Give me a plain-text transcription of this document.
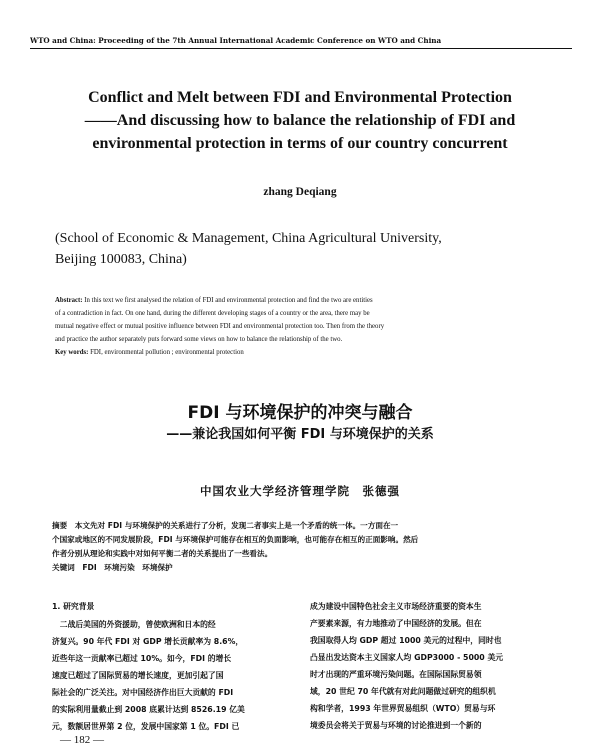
WTO and China: Proceeding of the 7th Annual International Academic Conference on WTO and China
Conflict and Melt between FDI and Environmental Protection
——And discussing how to balance the relationship of FDI and
environmental protection in terms of our country concurrent
zhang Deqiang
(School of Economic & Management, China Agricultural University,
Beijing 100083, China)
Abstract: In this text we first analysed the relation of FDI and environmental protection and find the two are entities
of a contradiction in fact. On one hand, during the different developing stages of a country or the area, there may be
mutual negative effect or mutual positive influence between FDI and environmental protection too. Then from the theory
and practice the author separately puts forward some views on how to balance the relationship of the two.
Key words: FDI, environmental pollution ; environmental protection
FDI 与环境保护的冲突与融合
——兼论我国如何平衡 FDI 与环境保护的关系
中国农业大学经济管理学院　张德强
摘要　本文先对 FDI 与环境保护的关系进行了分析，发现二者事实上是一个矛盾的统一体。一方面在一
个国家或地区的不同发展阶段，FDI 与环境保护可能存在相互的负面影响，也可能存在相互的正面影响。然后
作者分别从理论和实践中对如何平衡二者的关系提出了一些看法。
关键词　FDI　环境污染　环境保护
1. 研究背景
　二战后美国的外资援助，曾使欧洲和日本的经
济复兴。90 年代 FDI 对 GDP 增长贡献率为 8.6%，
近些年这一贡献率已超过 10%。如今，FDI 的增长
速度已超过了国际贸易的增长速度，更加引起了国
际社会的广泛关注。对中国经济作出巨大贡献的 FDI
的实际利用量截止到 2008 底累计达到 8526.19 亿美
元，数额居世界第 2 位，发展中国家第 1 位。FDI 已
成为建设中国特色社会主义市场经济重要的资本生
产要素来源，有力地推动了中国经济的发展。但在
我国取得人均 GDP 超过 1000 美元的过程中，同时也
凸显出发达资本主义国家人均 GDP3000 - 5000 美元
时才出现的严重环境污染问题。在国际国际贸易领
域，20 世纪 70 年代就有对此问题做过研究的组织机
构和学者，1993 年世界贸易组织（WTO）贸易与环
境委员会将关于贸易与环境的讨论推进到一个新的
— 182 —
